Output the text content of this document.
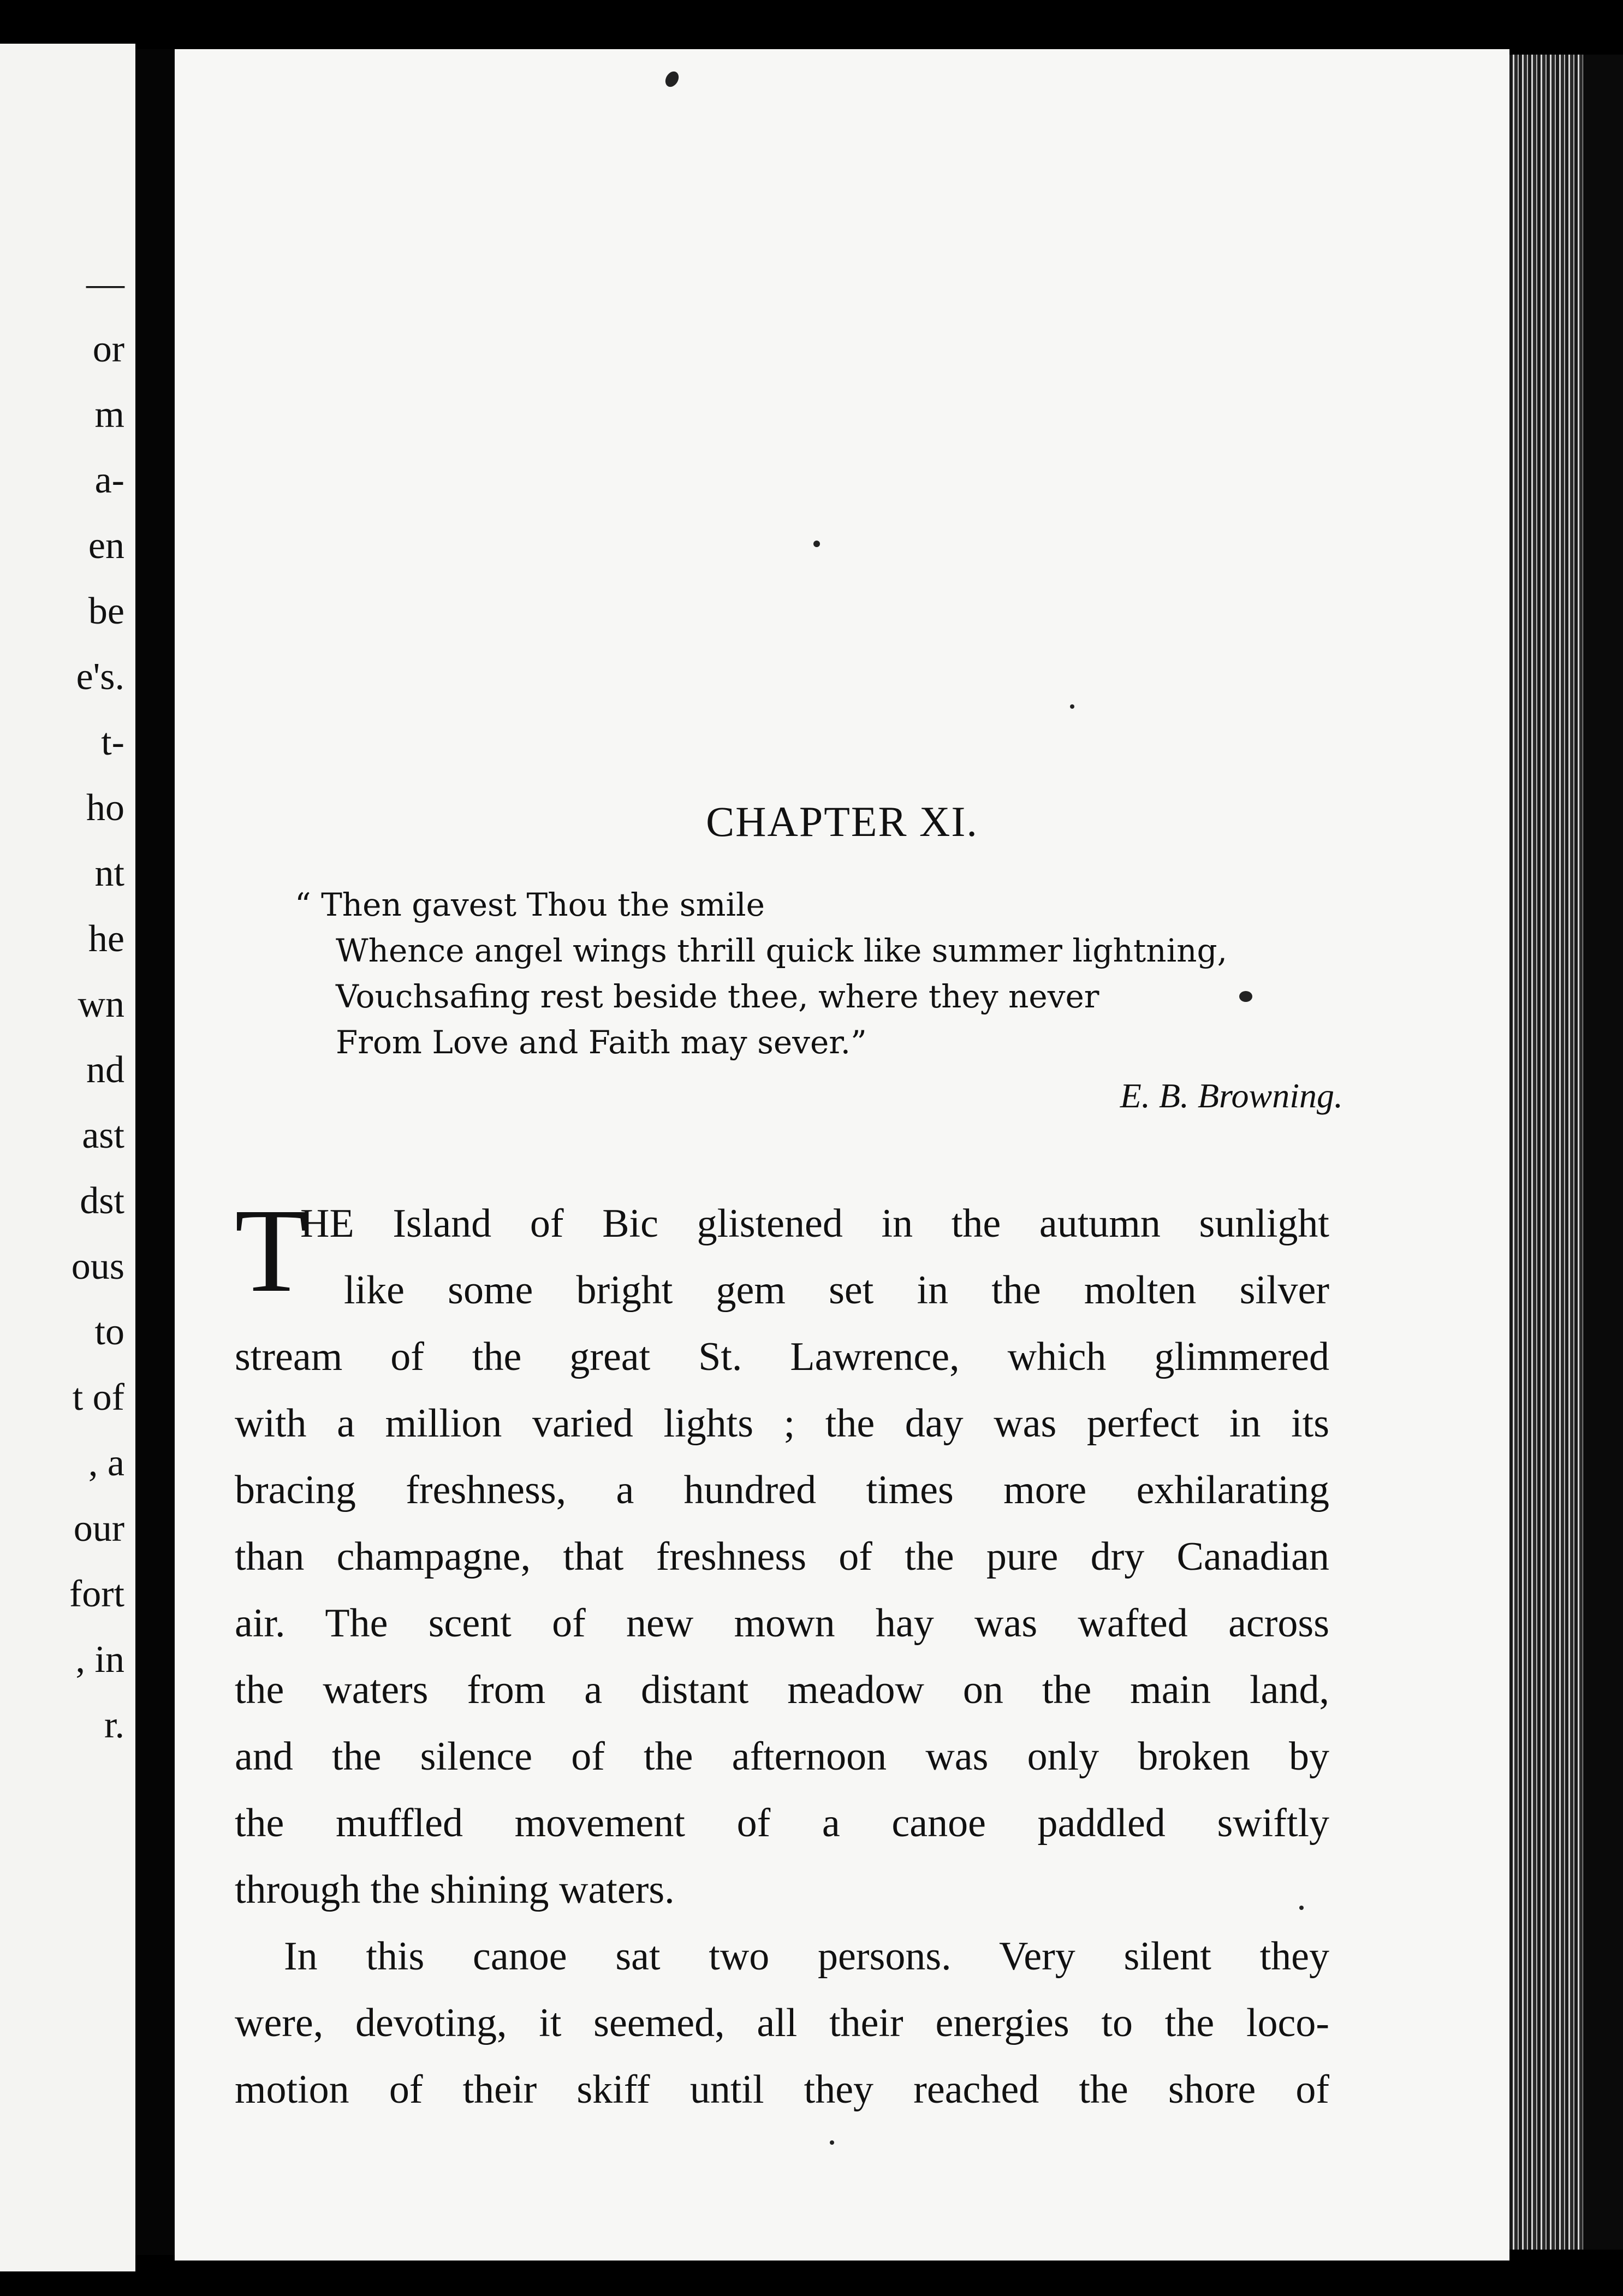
—
or
m
a-
en
be
e's.
t-
ho
nt
he
wn
nd
ast
dst
ous
to
t of
, a
our
fort
, in
r.
CHAPTER XI.
“ Then gavest Thou the smile
Whence angel wings thrill quick like summer lightning,
Vouchsafing rest beside thee, where they never
From Love and Faith may sever.”
E. B. Browning.
T
HE Island of Bic glistened in the autumn sunlight
like some bright gem set in the molten silver
stream of the great St. Lawrence, which glimmered
with a million varied lights ; the day was perfect in its
bracing freshness, a hundred times more exhilarating
than champagne, that freshness of the pure dry Canadian
air. The scent of new mown hay was wafted across
the waters from a distant meadow on the main land,
and the silence of the afternoon was only broken by
the muffled movement of a canoe paddled swiftly
through the shining waters.
In this canoe sat two persons. Very silent they
were, devoting, it seemed, all their energies to the loco-
motion of their skiff until they reached the shore of
